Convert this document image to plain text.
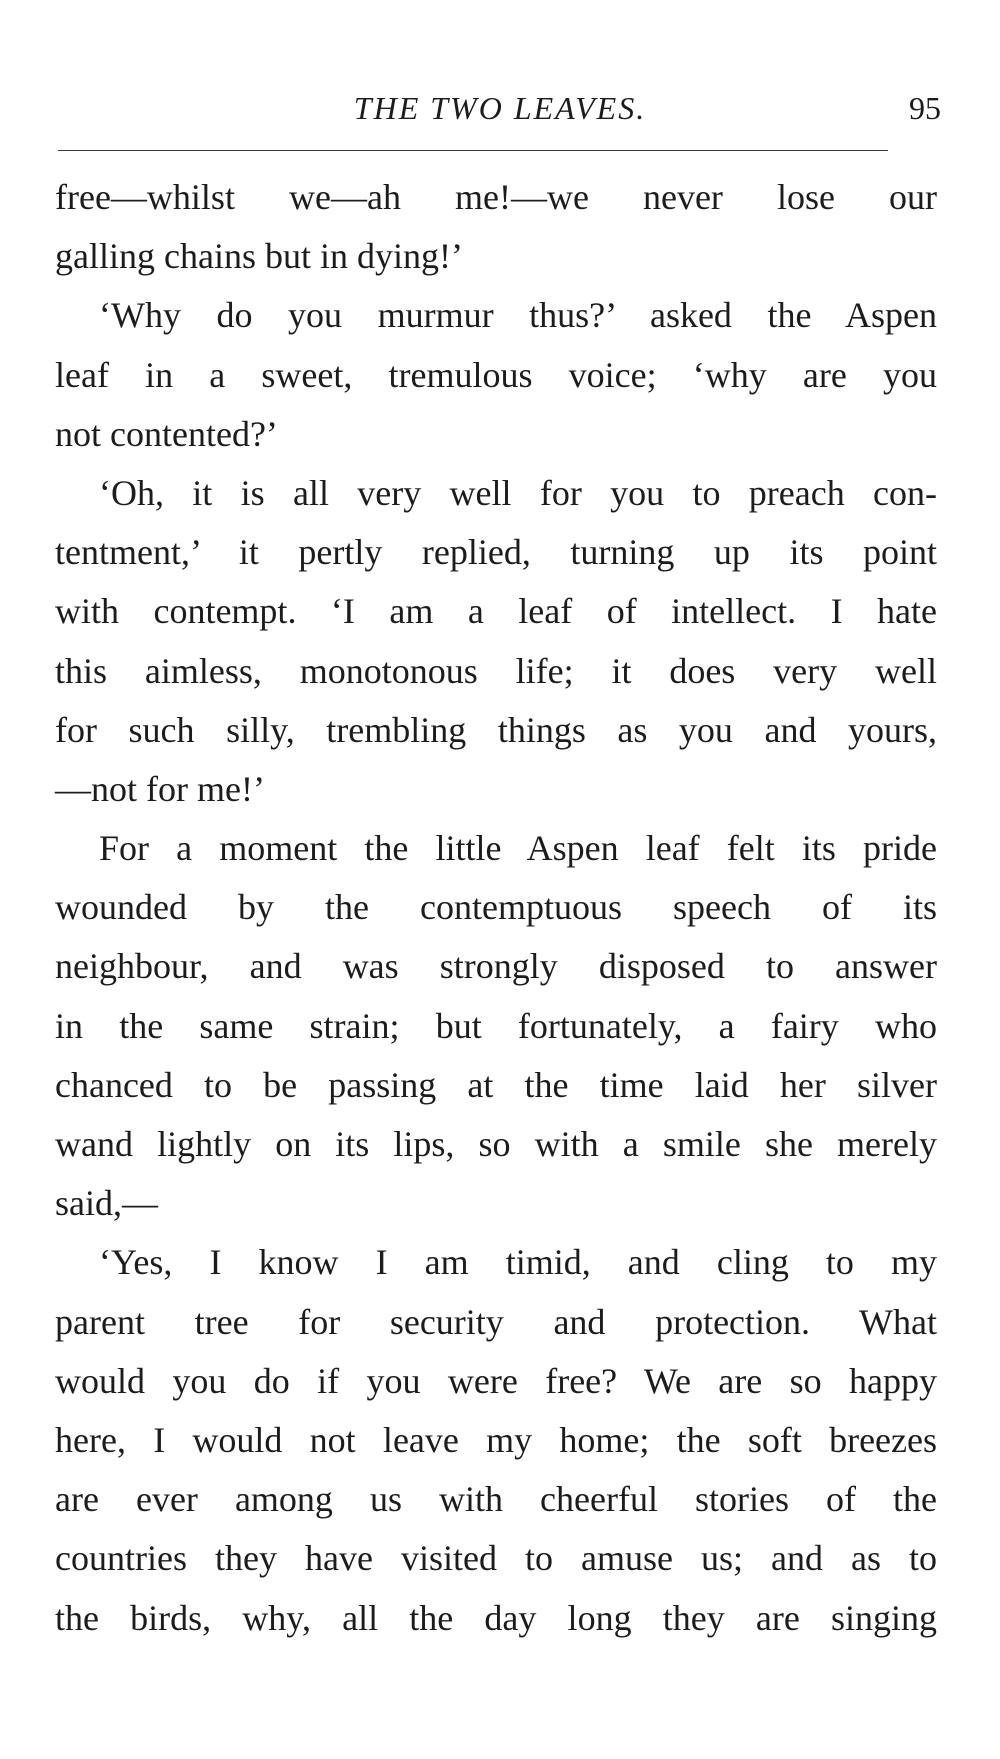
THE TWO LEAVES.	95
free—whilst we—ah me!—we never lose our
galling chains but in dying!’
‘Why do you murmur thus?’ asked the Aspen
leaf in a sweet, tremulous voice; ‘why are you
not contented?’
‘Oh, it is all very well for you to preach con-
tentment,’ it pertly replied, turning up its point
with contempt. ‘I am a leaf of intellect. I hate
this aimless, monotonous life; it does very well
for such silly, trembling things as you and yours,
—not for me!’
For a moment the little Aspen leaf felt its pride
wounded by the contemptuous speech of its
neighbour, and was strongly disposed to answer
in the same strain; but fortunately, a fairy who
chanced to be passing at the time laid her silver
wand lightly on its lips, so with a smile she merely
said,—
‘Yes, I know I am timid, and cling to my
parent tree for security and protection. What
would you do if you were free? We are so happy
here, I would not leave my home; the soft breezes
are ever among us with cheerful stories of the
countries they have visited to amuse us; and as to
the birds, why, all the day long they are singing
